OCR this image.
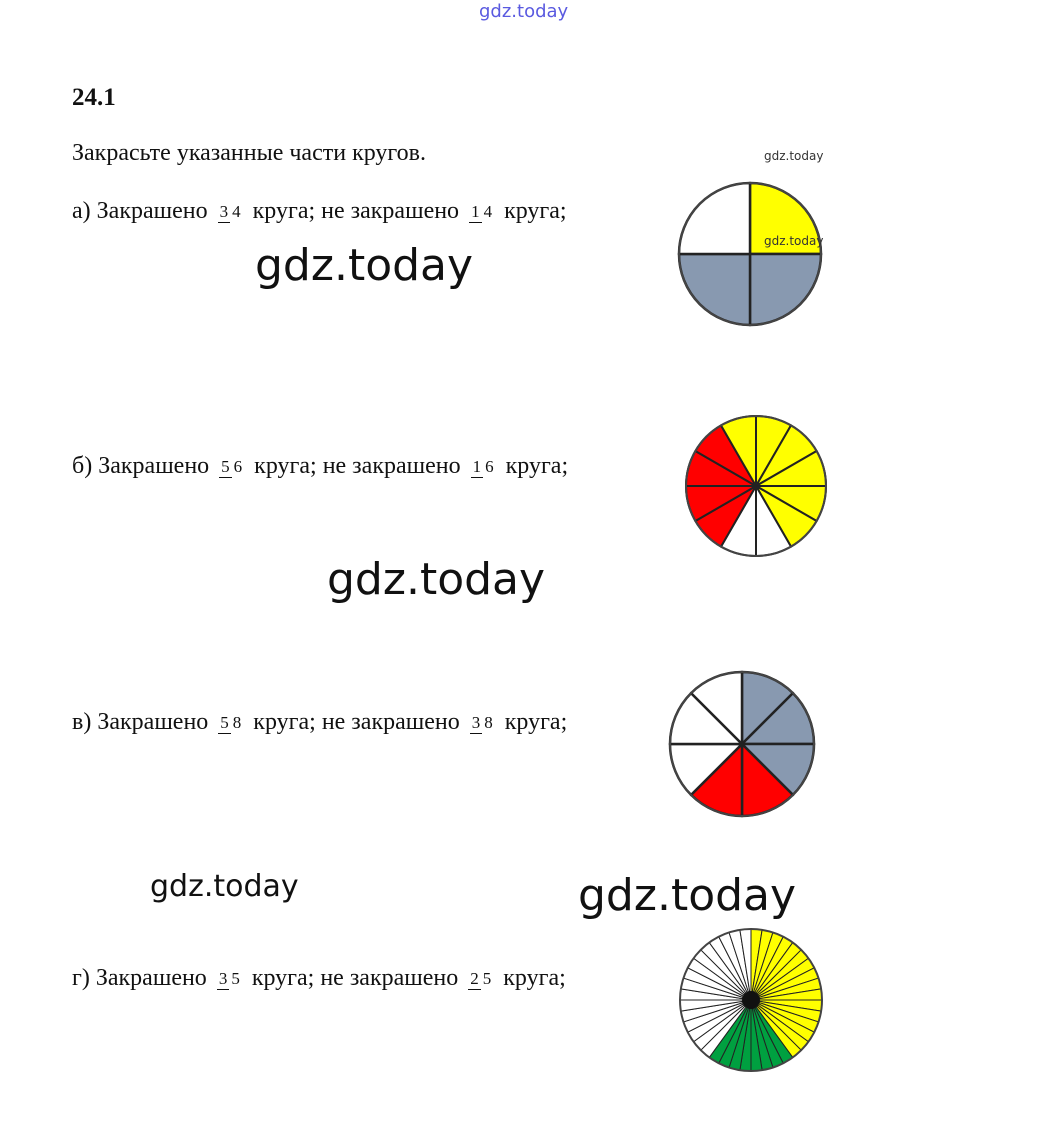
gdz.today
gdz.today
gdz.today
gdz.today
gdz.today	gdz.today
24.1
Закрасьте указанные части кругов.
а)
Закрашено 3 4 круга;
не закрашено 1 4 круга;
б)
Закрашено 5 6 круга;
не закрашено 1 6 круга;
в)
Закрашено 5 8 круга;
не закрашено 3 8 круга;
г)
Закрашено 3 5 круга;
не закрашено 2 5 круга;
gdz.today
